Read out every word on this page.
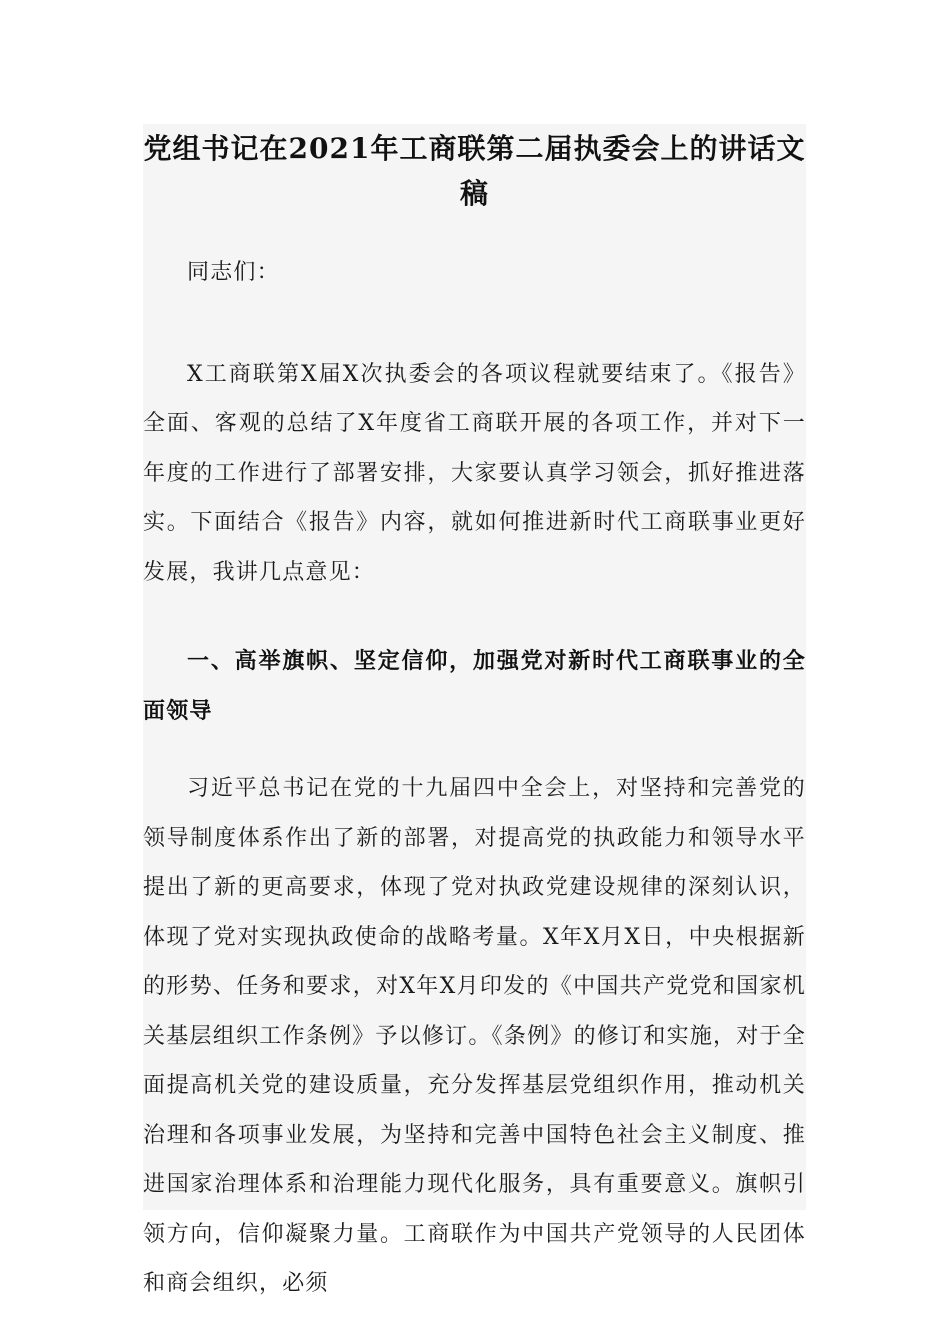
党组书记在2021年工商联第二届执委会上的讲话文稿

同志们：

X工商联第X届X次执委会的各项议程就要结束了。《报告》全面、客观的总结了X年度省工商联开展的各项工作，并对下一年度的工作进行了部署安排，大家要认真学习领会，抓好推进落实。下面结合《报告》内容，就如何推进新时代工商联事业更好发展，我讲几点意见：

一、高举旗帜、坚定信仰，加强党对新时代工商联事业的全面领导

习近平总书记在党的十九届四中全会上，对坚持和完善党的领导制度体系作出了新的部署，对提高党的执政能力和领导水平提出了新的更高要求，体现了党对执政党建设规律的深刻认识，体现了党对实现执政使命的战略考量。X年X月X日，中央根据新的形势、任务和要求，对X年X月印发的《中国共产党党和国家机关基层组织工作条例》予以修订。《条例》的修订和实施，对于全面提高机关党的建设质量，充分发挥基层党组织作用，推动机关治理和各项事业发展，为坚持和完善中国特色社会主义制度、推进国家治理体系和治理能力现代化服务，具有重要意义。旗帜引领方向，信仰凝聚力量。工商联作为中国共产党领导的人民团体和商会组织，必须
